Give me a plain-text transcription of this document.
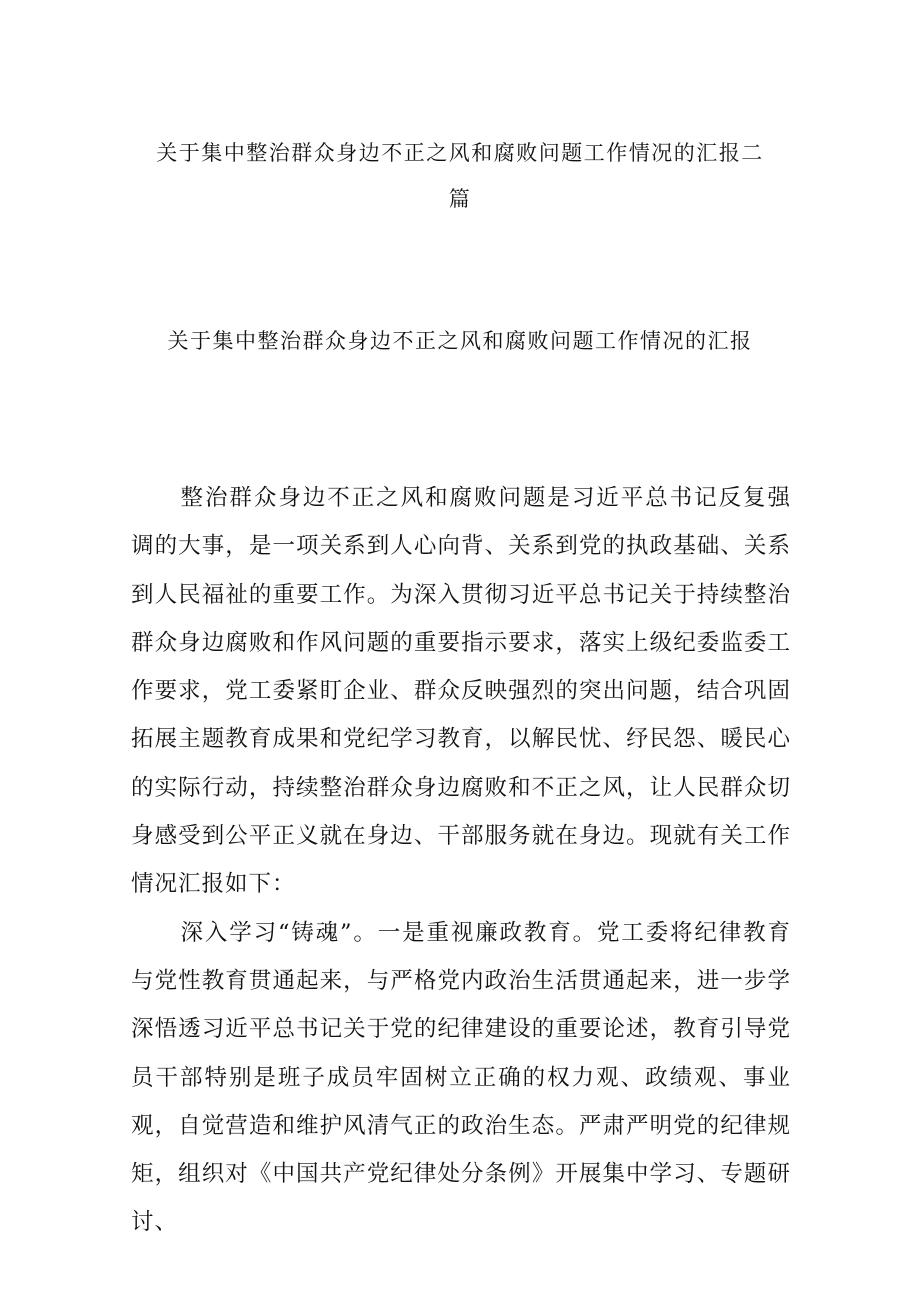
关于集中整治群众身边不正之风和腐败问题工作情况的汇报二篇
关于集中整治群众身边不正之风和腐败问题工作情况的汇报

整治群众身边不正之风和腐败问题是习近平总书记反复强调的大事，是一项关系到人心向背、关系到党的执政基础、关系到人民福祉的重要工作。为深入贯彻习近平总书记关于持续整治群众身边腐败和作风问题的重要指示要求，落实上级纪委监委工作要求，党工委紧盯企业、群众反映强烈的突出问题，结合巩固拓展主题教育成果和党纪学习教育，以解民忧、纾民怨、暖民心的实际行动，持续整治群众身边腐败和不正之风，让人民群众切身感受到公平正义就在身边、干部服务就在身边。现就有关工作情况汇报如下：

深入学习“铸魂”。一是重视廉政教育。党工委将纪律教育与党性教育贯通起来，与严格党内政治生活贯通起来，进一步学深悟透习近平总书记关于党的纪律建设的重要论述，教育引导党员干部特别是班子成员牢固树立正确的权力观、政绩观、事业观，自觉营造和维护风清气正的政治生态。严肃严明党的纪律规矩，组织对《中国共产党纪律处分条例》开展集中学习、专题研讨、
